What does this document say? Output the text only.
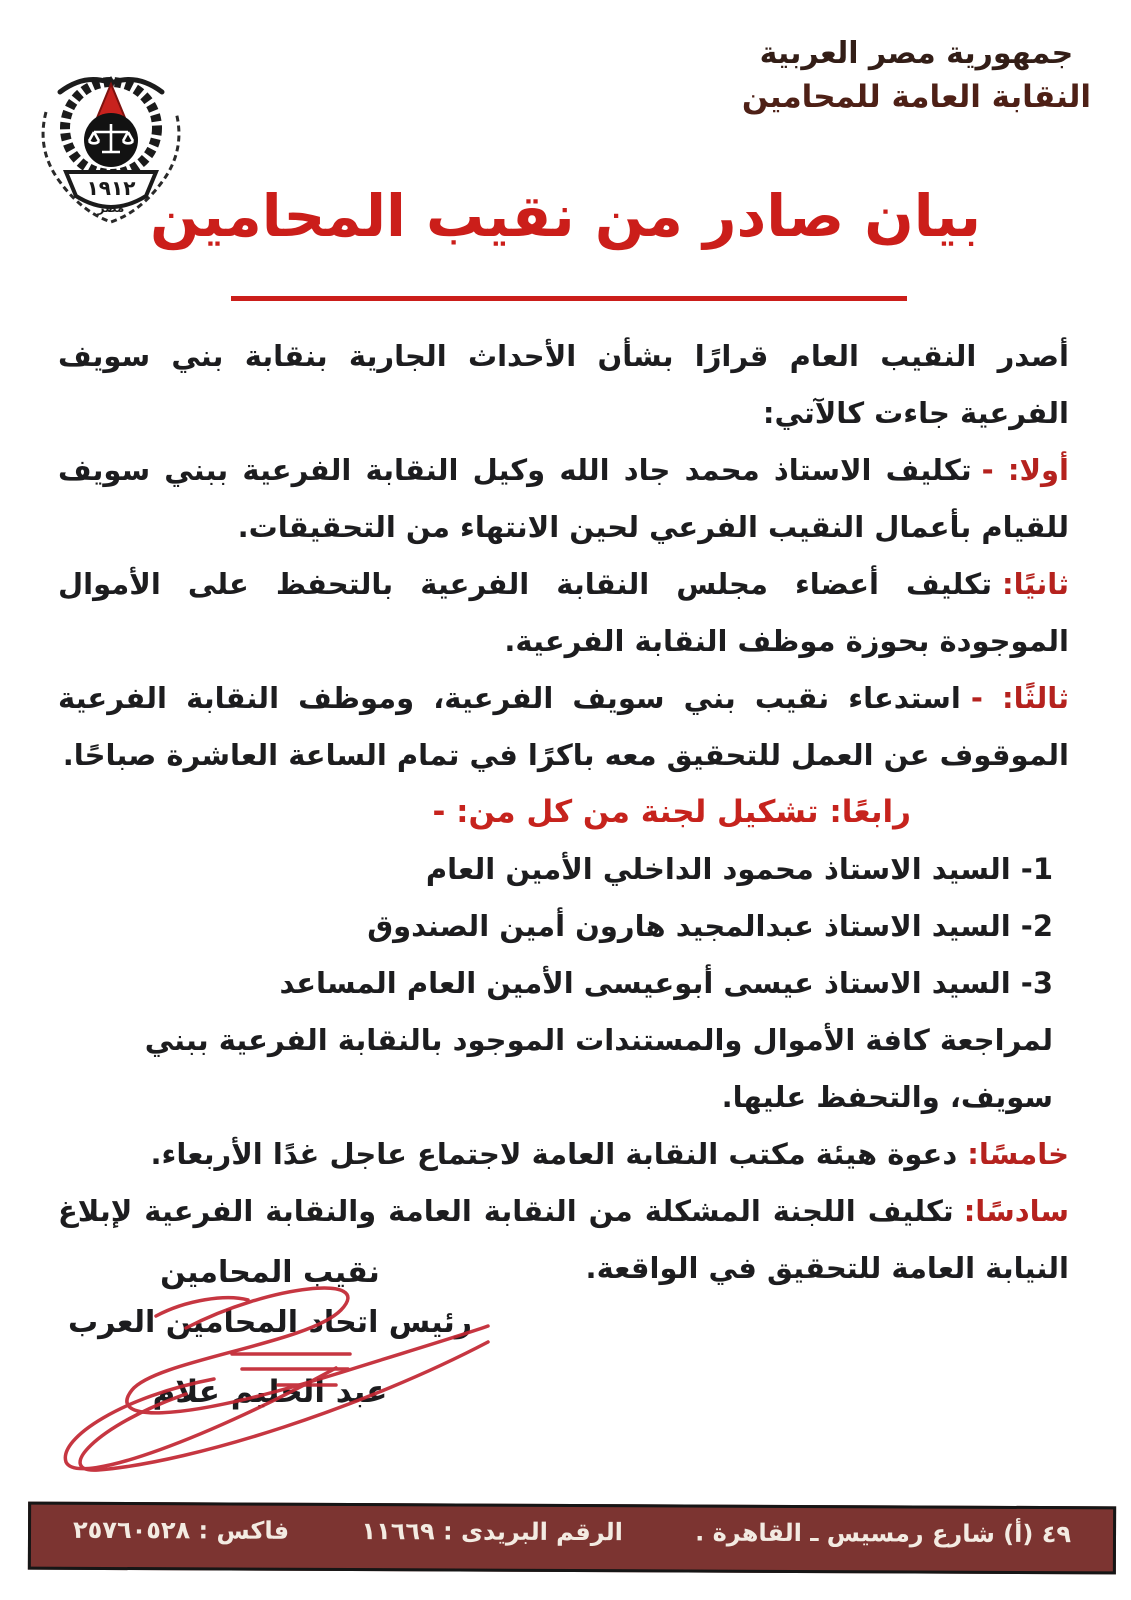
١٩١٢
مصر
جمهورية مصر العربية
النقابة العامة للمحامين
بيان صادر من نقيب المحامين

أصدر النقيب العام قرارًا بشأن الأحداث الجارية بنقابة بني سويف الفرعية جاءت كالآتي:

أولا: -تكليف الاستاذ محمد جاد الله وكيل النقابة الفرعية ببني سويف للقيام بأعمال النقيب الفرعي لحين الانتهاء من التحقيقات.

ثانيًا:تكليف أعضاء مجلس النقابة الفرعية بالتحفظ على الأموال الموجودة بحوزة موظف النقابة الفرعية.

ثالثًا: -استدعاء نقيب بني سويف الفرعية، وموظف النقابة الفرعية الموقوف عن العمل للتحقيق معه باكرًا في تمام الساعة العاشرة صباحًا.

رابعًا: تشكيل لجنة من كل من: -

1- السيد الاستاذ محمود الداخلي الأمين العام

2- السيد الاستاذ عبدالمجيد هارون أمين الصندوق

3- السيد الاستاذ عيسى أبوعيسى الأمين العام المساعد

لمراجعة كافة الأموال والمستندات الموجود بالنقابة الفرعية ببني سويف، والتحفظ عليها.

خامسًا:دعوة هيئة مكتب النقابة العامة لاجتماع عاجل غدًا الأربعاء.

سادسًا:تكليف اللجنة المشكلة من النقابة العامة والنقابة الفرعية لإبلاغ النيابة العامة للتحقيق في الواقعة.

نقيب المحامين
رئيس اتحاد المحامين العرب
عبد الحليم علام
٤٩ (أ) شارع رمسيس ـ القاهرة .
الرقم البريدى : ١١٦٦٩
فاكس : ٢٥٧٦٠٥٢٨
